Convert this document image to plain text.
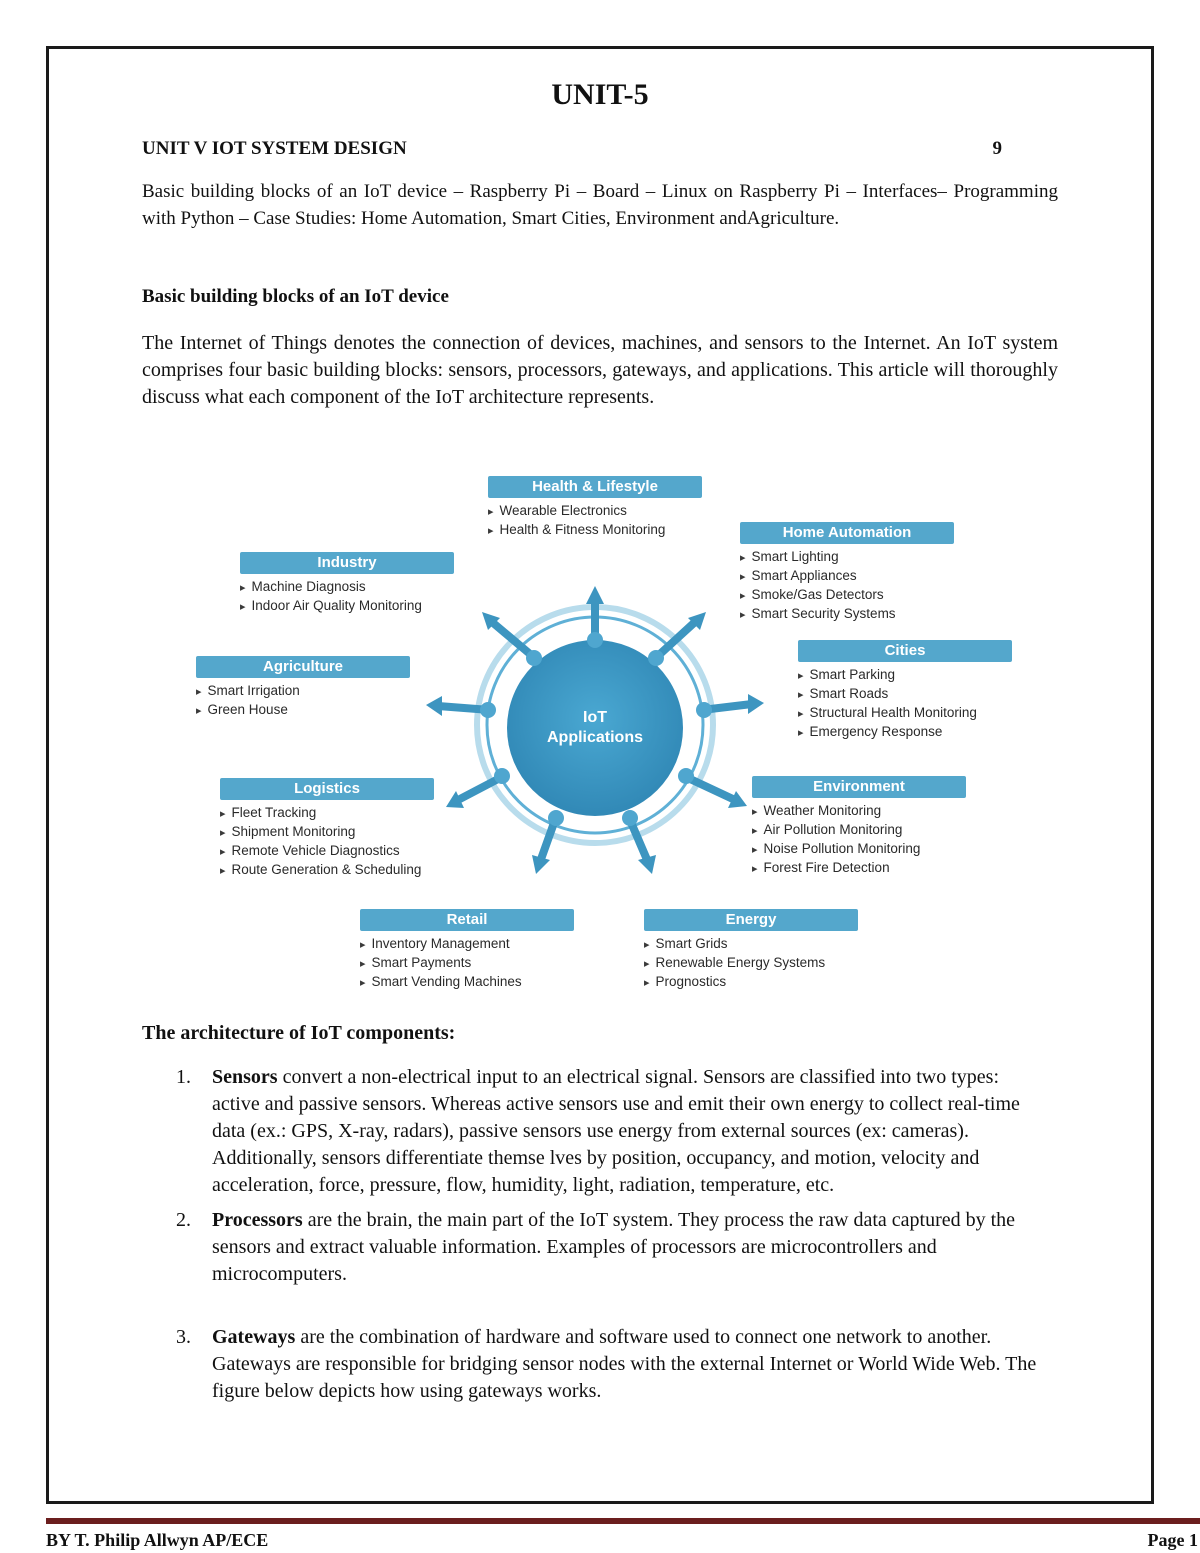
UNIT-5
UNIT V IOT SYSTEM DESIGN	9
Basic building blocks of an IoT device – Raspberry Pi – Board – Linux on Raspberry Pi – Interfaces– Programming with Python – Case Studies: Home Automation, Smart Cities, Environment andAgriculture.
Basic building blocks of an IoT device
The Internet of Things denotes the connection of devices, machines, and sensors to the Internet. An IoT system comprises four basic building blocks: sensors, processors, gateways, and applications. This article will thoroughly discuss what each component of the IoT architecture represents.
IoT
Applications
Health & Lifestyle
▸ Wearable Electronics
▸ Health & Fitness Monitoring	Home Automation
▸ Smart Lighting
▸ Smart Appliances
▸ Smoke/Gas Detectors
▸ Smart Security Systems
Industry
▸ Machine Diagnosis
▸ Indoor Air Quality Monitoring
Agriculture
▸ Smart Irrigation
▸ Green House
Cities
▸ Smart Parking
▸ Smart Roads
▸ Structural Health Monitoring
▸ Emergency Response
Logistics
▸ Fleet Tracking
▸ Shipment Monitoring
▸ Remote Vehicle Diagnostics
▸ Route Generation & Scheduling
Environment
▸ Weather Monitoring
▸ Air Pollution Monitoring
▸ Noise Pollution Monitoring
▸ Forest Fire Detection
Retail
▸ Inventory Management
▸ Smart Payments
▸ Smart Vending Machines
Energy
▸ Smart Grids
▸ Renewable Energy Systems
▸ Prognostics
The architecture of IoT components:
1. Sensors convert a non-electrical input to an electrical signal. Sensors are classified into two types: active and passive sensors. Whereas active sensors use and emit their own energy to collect real-time data (ex.: GPS, X-ray, radars), passive sensors use energy from external sources (ex: cameras). Additionally, sensors differentiate themse lves by position, occupancy, and motion, velocity and acceleration, force, pressure, flow, humidity, light, radiation, temperature, etc.
2. Processors are the brain, the main part of the IoT system. They process the raw data captured by the sensors and extract valuable information. Examples of processors are microcontrollers and microcomputers.
3. Gateways are the combination of hardware and software used to connect one network to another. Gateways are responsible for bridging sensor nodes with the external Internet or World Wide Web. The figure below depicts how using gateways works.
BY T. Philip Allwyn AP/ECE	Page 1
